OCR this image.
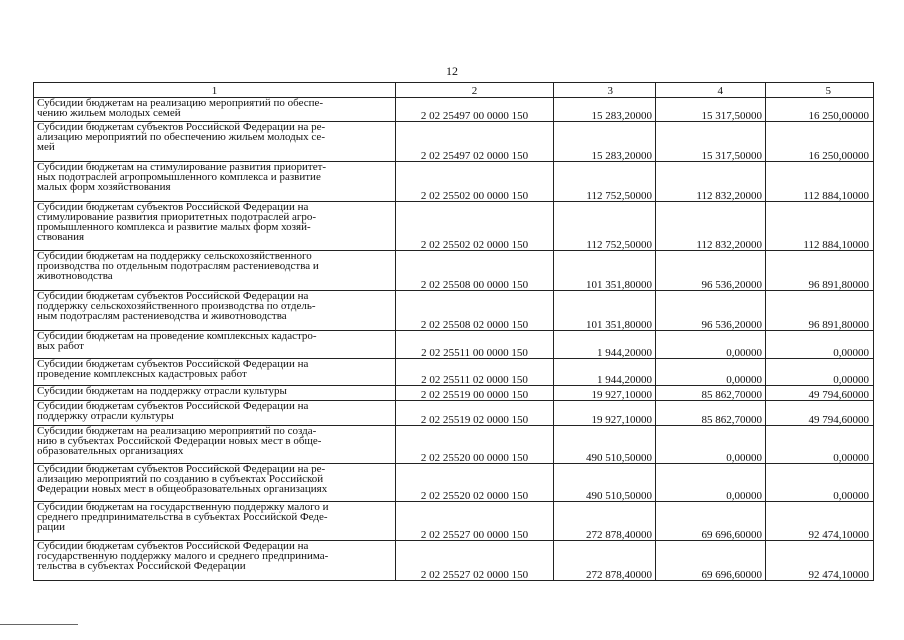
12
1	2	3	4	5
Субсидии бюджетам на реализацию мероприятий по обеспе-
чению жильем молодых семей	2 02 25497 00 0000 150	15 283,20000	15 317,50000	16 250,00000
Субсидии бюджетам субъектов Российской Федерации на ре-
ализацию мероприятий по обеспечению жильем молодых се-
мей	2 02 25497 02 0000 150	15 283,20000	15 317,50000	16 250,00000
Субсидии бюджетам на стимулирование развития приоритет-
ных подотраслей агропромышленного комплекса и развитие
малых форм хозяйствования	2 02 25502 00 0000 150	112 752,50000	112 832,20000	112 884,10000
Субсидии бюджетам субъектов Российской Федерации на
стимулирование развития приоритетных подотраслей агро-
промышленного комплекса и развитие малых форм хозяй-
ствования	2 02 25502 02 0000 150	112 752,50000	112 832,20000	112 884,10000
Субсидии бюджетам на поддержку сельскохозяйственного
производства по отдельным подотраслям растениеводства и
животноводства	2 02 25508 00 0000 150	101 351,80000	96 536,20000	96 891,80000
Субсидии бюджетам субъектов Российской Федерации на
поддержку сельскохозяйственного производства по отдель-
ным подотраслям растениеводства и животноводства	2 02 25508 02 0000 150	101 351,80000	96 536,20000	96 891,80000
Субсидии бюджетам на проведение комплексных кадастро-
вых работ	2 02 25511 00 0000 150	1 944,20000	0,00000	0,00000
Субсидии бюджетам субъектов Российской Федерации на
проведение комплексных кадастровых работ	2 02 25511 02 0000 150	1 944,20000	0,00000	0,00000
Субсидии бюджетам на поддержку отрасли культуры	2 02 25519 00 0000 150	19 927,10000	85 862,70000	49 794,60000
Субсидии бюджетам субъектов Российской Федерации на
поддержку отрасли культуры	2 02 25519 02 0000 150	19 927,10000	85 862,70000	49 794,60000
Субсидии бюджетам на реализацию мероприятий по созда-
нию в субъектах Российской Федерации новых мест в обще-
образовательных организациях	2 02 25520 00 0000 150	490 510,50000	0,00000	0,00000
Субсидии бюджетам субъектов Российской Федерации на ре-
ализацию мероприятий по созданию в субъектах Российской
Федерации новых мест в общеобразовательных организациях	2 02 25520 02 0000 150	490 510,50000	0,00000	0,00000
Субсидии бюджетам на государственную поддержку малого и
среднего предпринимательства в субъектах Российской Феде-
рации	2 02 25527 00 0000 150	272 878,40000	69 696,60000	92 474,10000
Субсидии бюджетам субъектов Российской Федерации на
государственную поддержку малого и среднего предпринима-
тельства в субъектах Российской Федерации	2 02 25527 02 0000 150	272 878,40000	69 696,60000	92 474,10000
